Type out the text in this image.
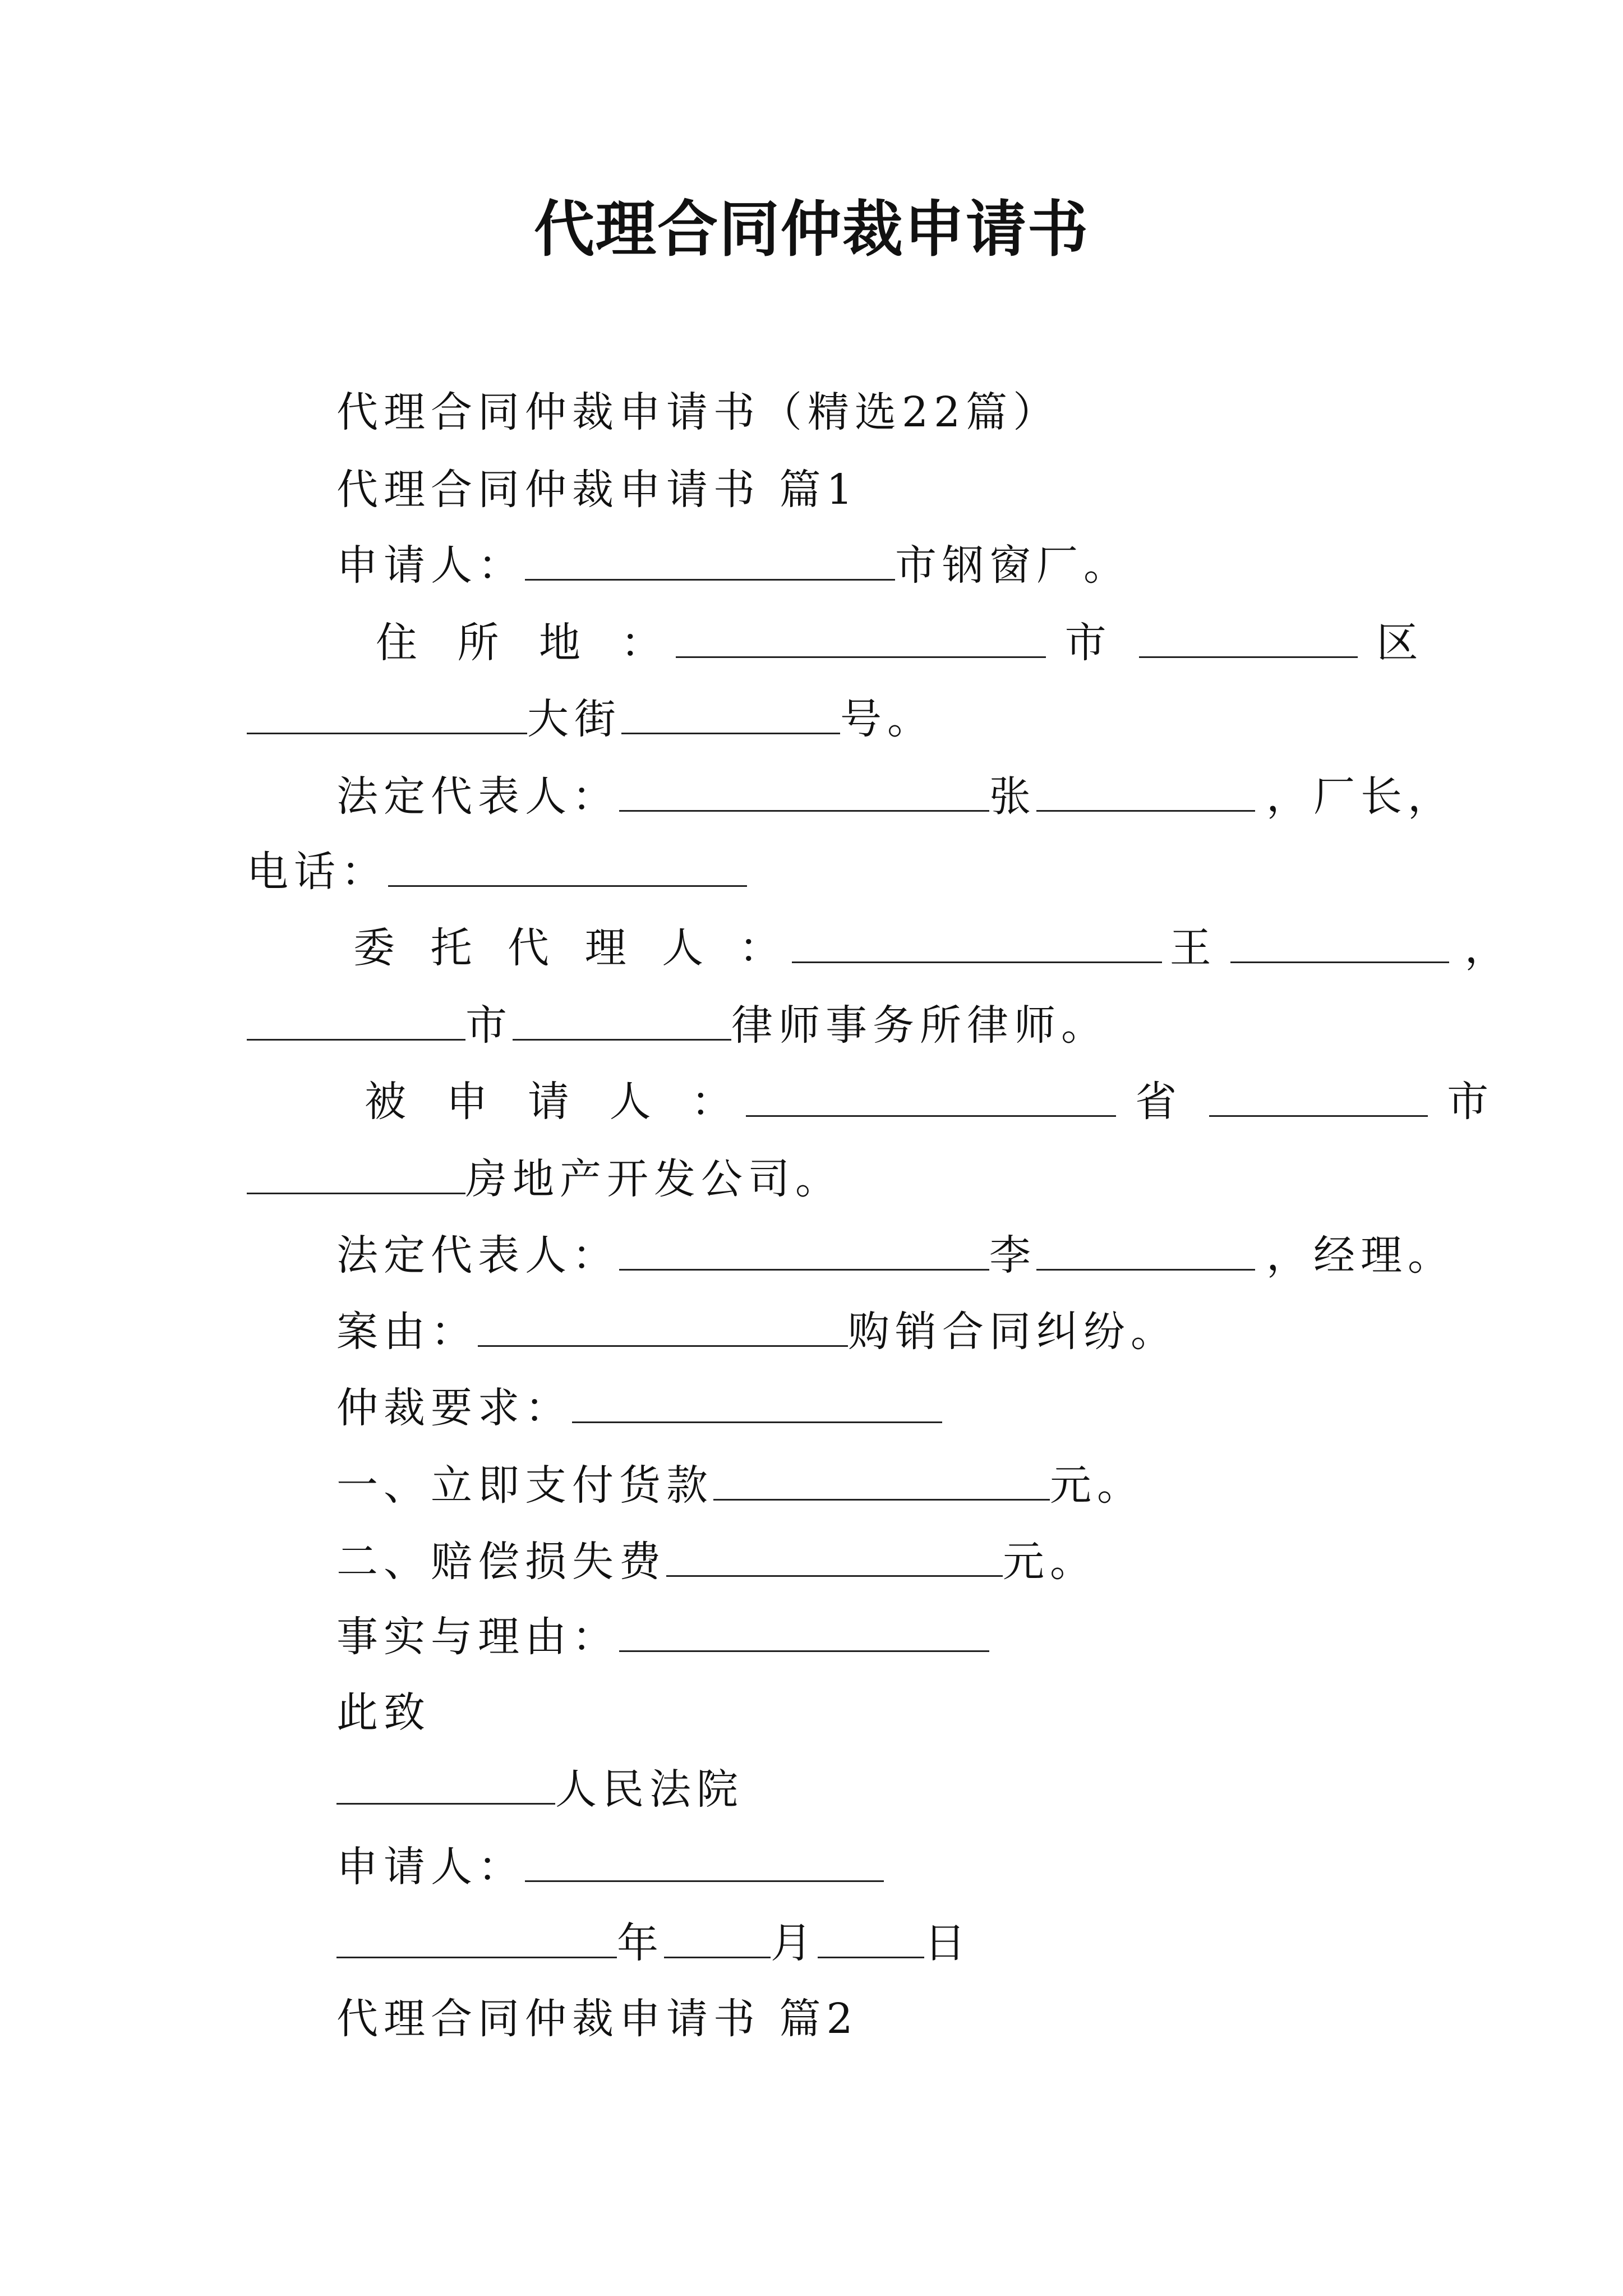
代理合同仲裁申请书
代理合同仲裁申请书（精选22篇）
代理合同仲裁申请书 篇1
申请人：	市钢窗厂。
住 所 地 ：	市	区
大街	号。
法定代表人：	张	，厂长，
电话：
委 托 代 理 人 ：	王	，
市	律师事务所律师。
被 申 请 人 ：	省	市
房地产开发公司。
法定代表人：	李	，经理。
案由：	购销合同纠纷。
仲裁要求：
一、立即支付货款	元。
二、赔偿损失费	元。
事实与理由：
此致
人民法院
申请人：
年	月	日
代理合同仲裁申请书 篇2
